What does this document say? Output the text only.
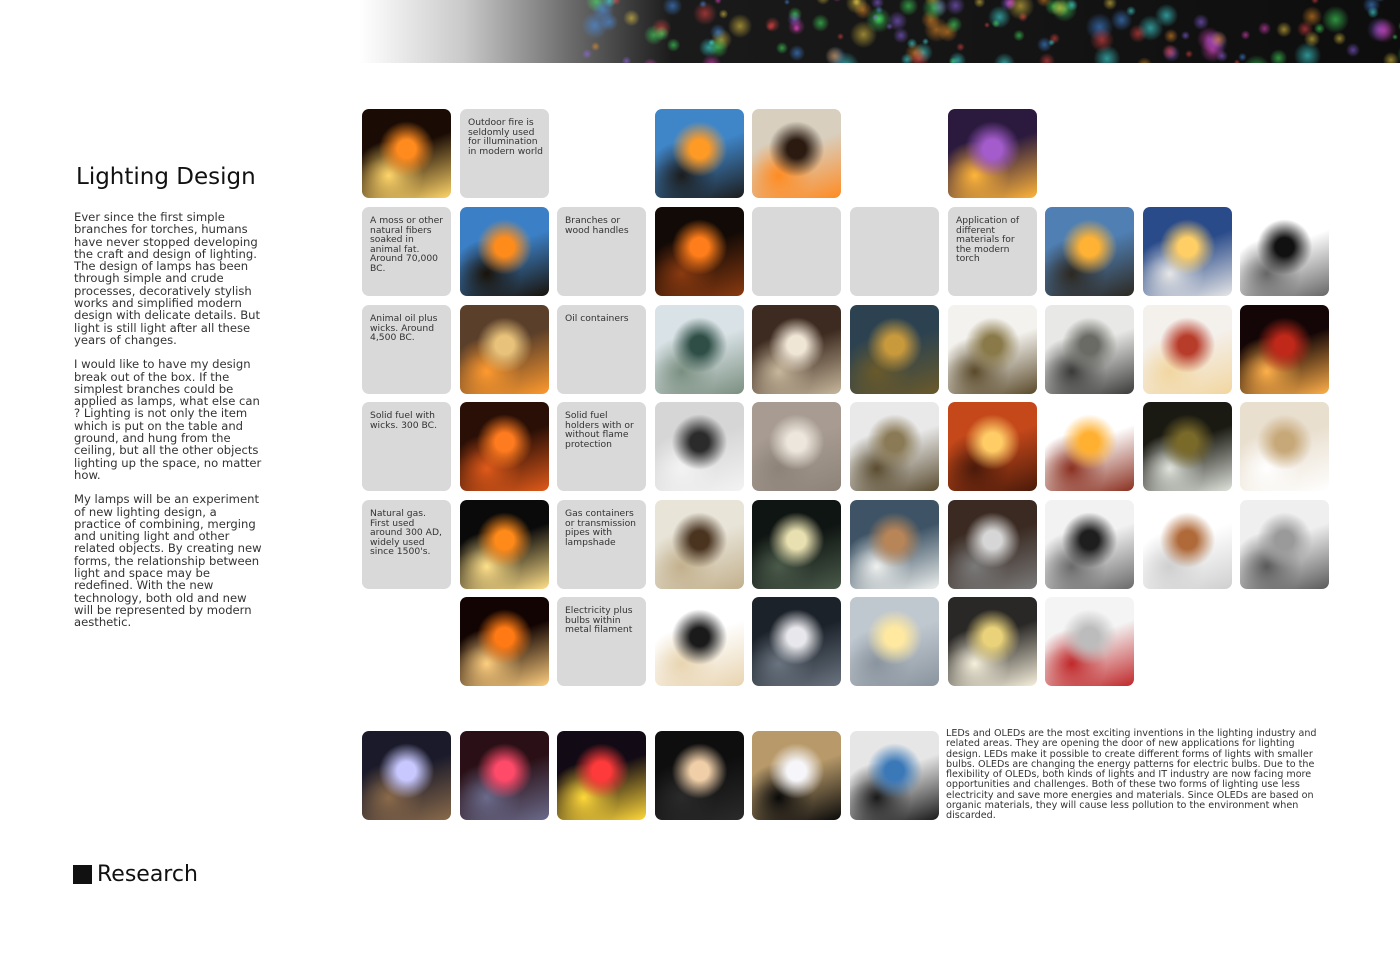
Lighting Design

Ever since the first simple branches for torches, humans have never stopped developing the craft and design of lighting. The design of lamps has been through simple and crude processes, decoratively stylish works and simplified modern design with delicate details. But light is still light after all these years of changes.

I would like to have my design break out of the box. If the simplest branches could be applied as lamps, what else can ? Lighting is not only the item which is put on the table and ground, and hung from the ceiling, but all the other objects lighting up the space, no matter how.

My lamps will be an experiment of new lighting design, a practice of combining, merging and uniting light and other related objects. By creating new forms, the relationship between light and space may be redefined. With the new technology, both old and new will be represented by modern aesthetic.

Outdoor fire is seldomly used for illumination in modern world
A moss or other natural fibers soaked in animal fat. Around 70,000 BC.
Branches or wood handles
Application of different materials for the modern torch
Animal oil plus wicks. Around 4,500 BC.
Oil containers
Solid fuel with wicks. 300 BC.
Solid fuel holders with or without flame protection
Natural gas. First used around 300 AD, widely used since 1500's.
Gas containers or transmission pipes with lampshade
Electricity plus bulbs within metal filament
LEDs and OLEDs are the most exciting inventions in the lighting industry and related areas. They are opening the door of new applications for lighting design. LEDs make it possible to create different forms of lights with smaller bulbs. OLEDs are changing the energy patterns for electric bulbs. Due to the flexibility of OLEDs, both kinds of lights and IT industry are now facing more opportunities and challenges. Both of these two forms of lighting use less electricity and save more energies and materials. Since OLEDs are based on organic materials, they will cause less pollution to the environment when discarded.
Research
